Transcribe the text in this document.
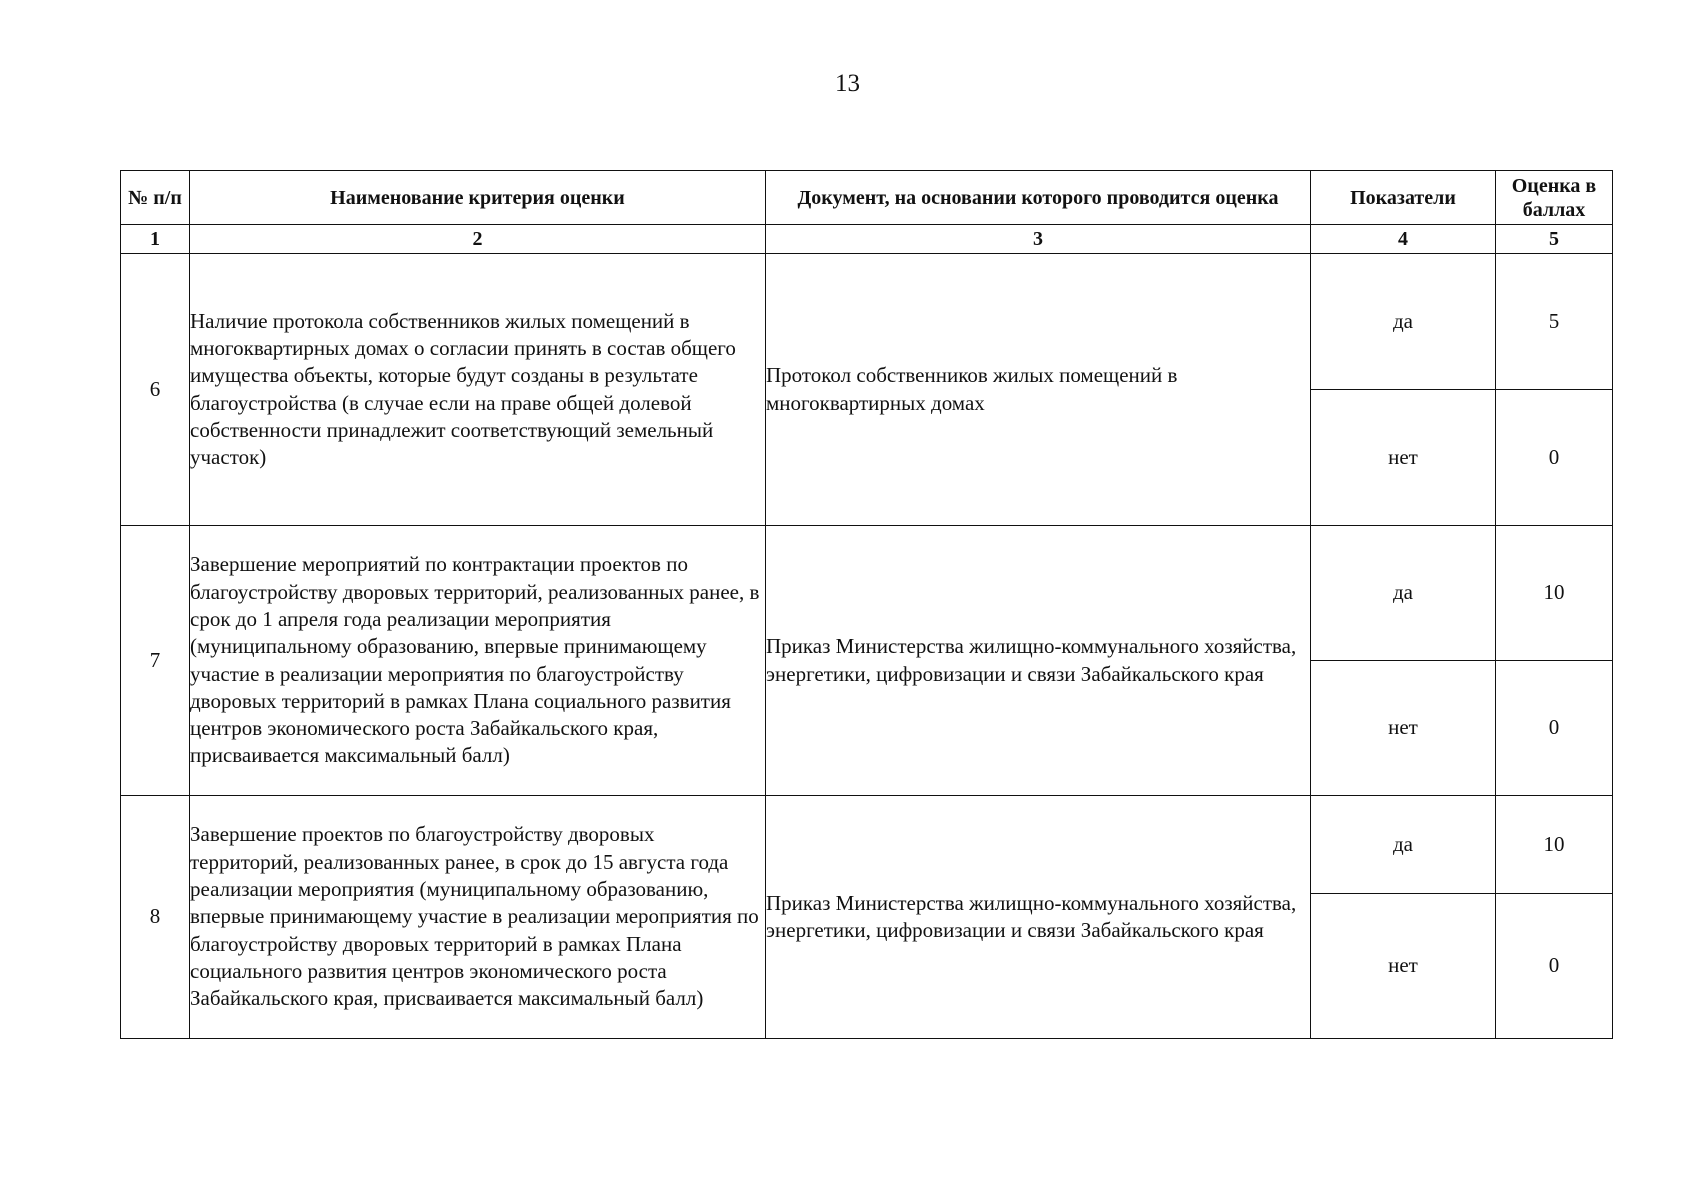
13
№ п/п	Наименование критерия оценки	Документ, на основании которого проводится оценка	Показатели	Оценка в баллах
1	2	3	4	5
6	Наличие протокола собственников жилых помещений в многоквартирных домах о согласии принять в состав общего имущества объекты, которые будут созданы в результате благоустройства (в случае если на праве общей долевой собственности принадлежит соответствующий земельный участок)	Протокол собственников жилых помещений в многоквартирных домах	да	5
			нет	0
7	Завершение мероприятий по контрактации проектов по благоустройству дворовых территорий, реализованных ранее, в срок до 1 апреля года реализации мероприятия (муниципальному образованию, впервые принимающему участие в реализации мероприятия по благоустройству дворовых территорий в рамках Плана социального развития центров экономического роста Забайкальского края, присваивается максимальный балл)	Приказ Министерства жилищно-коммунального хозяйства, энергетики, цифровизации и связи Забайкальского края	да	10
			нет	0
8	Завершение проектов по благоустройству дворовых территорий, реализованных ранее, в срок до 15 августа года реализации мероприятия (муниципальному образованию, впервые принимающему участие в реализации мероприятия по благоустройству дворовых территорий в рамках Плана социального развития центров экономического роста Забайкальского края, присваивается максимальный балл)	Приказ Министерства жилищно-коммунального хозяйства, энергетики, цифровизации и связи Забайкальского края	да	10
			нет	0
